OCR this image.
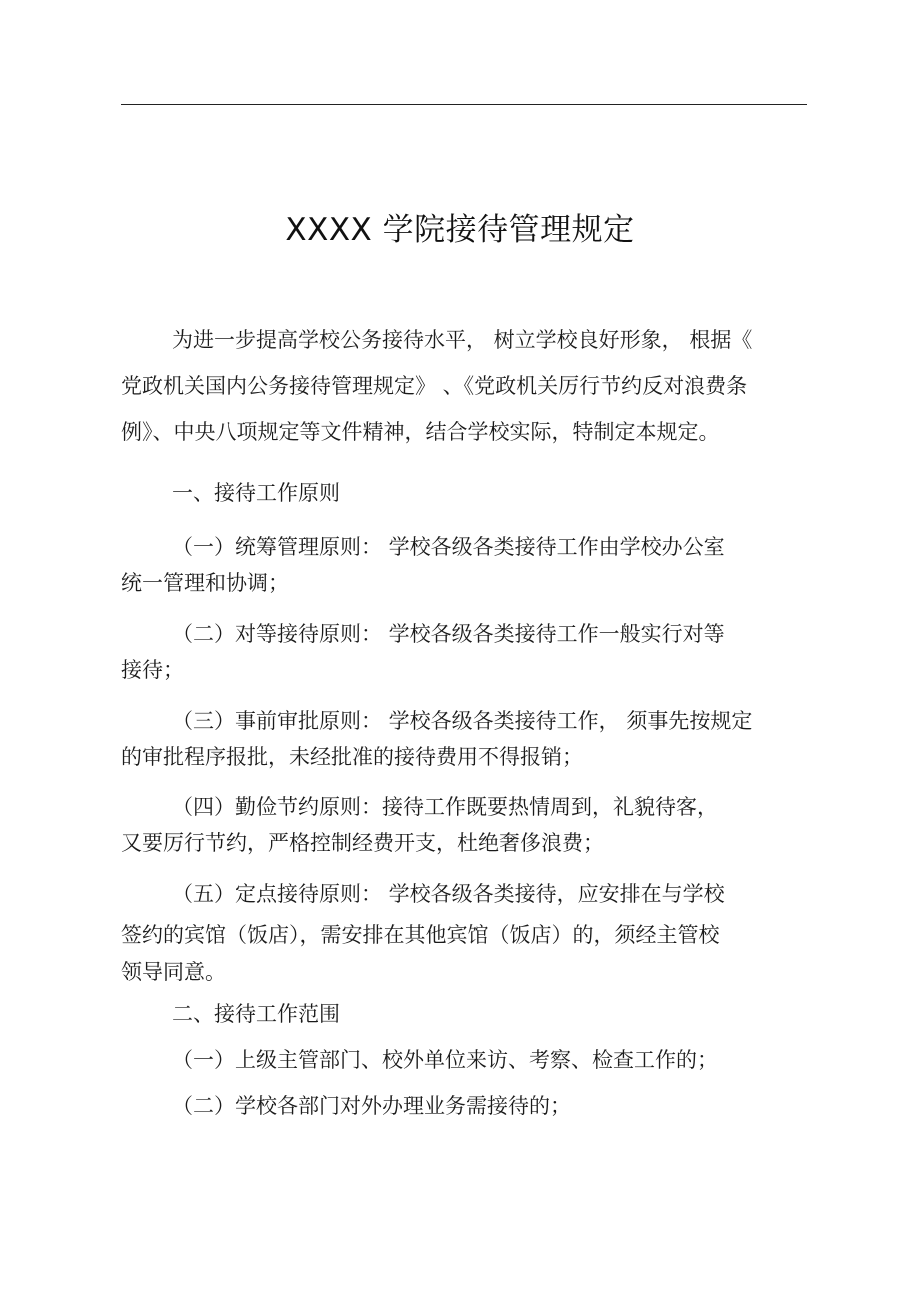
XXXX 学院接待管理规定
为进一步提高学校公务接待水平， 树立学校良好形象， 根据《
党政机关国内公务接待管理规定》 、《党政机关厉行节约反对浪费条
例》、中央八项规定等文件精神，结合学校实际，特制定本规定。
一、接待工作原则
（一）统筹管理原则： 学校各级各类接待工作由学校办公室
统一管理和协调；
（二）对等接待原则： 学校各级各类接待工作一般实行对等
接待；
（三）事前审批原则： 学校各级各类接待工作， 须事先按规定
的审批程序报批，未经批准的接待费用不得报销；
（四）勤俭节约原则：接待工作既要热情周到，礼貌待客，
又要厉行节约，严格控制经费开支，杜绝奢侈浪费；
（五）定点接待原则： 学校各级各类接待，应安排在与学校
签约的宾馆（饭店），需安排在其他宾馆（饭店）的，须经主管校
领导同意。
二、接待工作范围
（一）上级主管部门、校外单位来访、考察、检查工作的；
（二）学校各部门对外办理业务需接待的；
